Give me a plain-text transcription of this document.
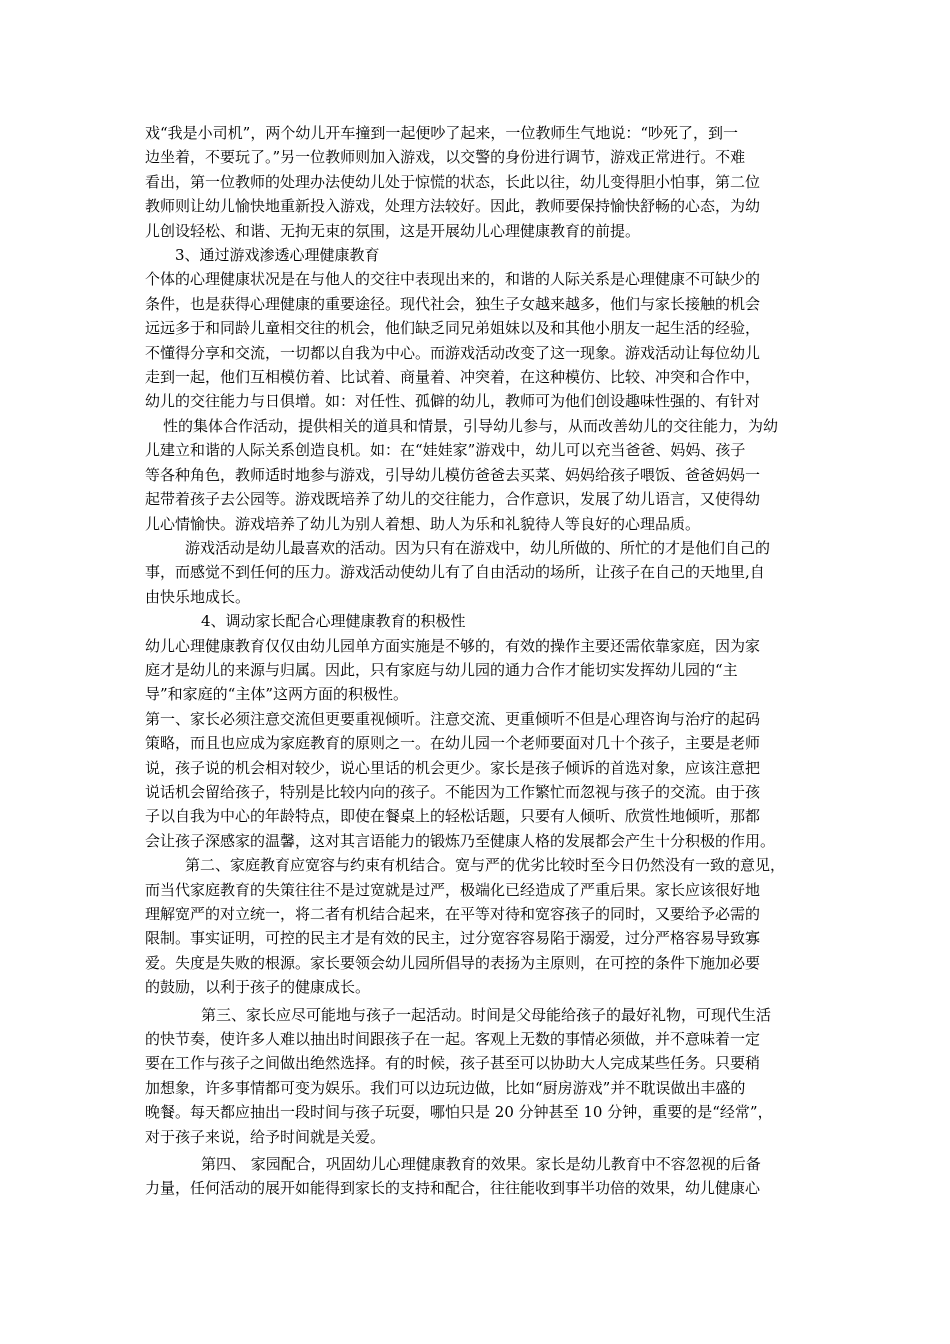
戏“我是小司机”，两个幼儿开车撞到一起便吵了起来，一位教师生气地说：“吵死了，到一
边坐着，不要玩了。”另一位教师则加入游戏，以交警的身份进行调节，游戏正常进行。不难
看出，第一位教师的处理办法使幼儿处于惊慌的状态，长此以往，幼儿变得胆小怕事，第二位
教师则让幼儿愉快地重新投入游戏，处理方法较好。因此，教师要保持愉快舒畅的心态，为幼
儿创设轻松、和谐、无拘无束的氛围，这是开展幼儿心理健康教育的前提。

3、通过游戏渗透心理健康教育

个体的心理健康状况是在与他人的交往中表现出来的，和谐的人际关系是心理健康不可缺少的
条件，也是获得心理健康的重要途径。现代社会，独生子女越来越多，他们与家长接触的机会
远远多于和同龄儿童相交往的机会，他们缺乏同兄弟姐妹以及和其他小朋友一起生活的经验，
不懂得分享和交流，一切都以自我为中心。而游戏活动改变了这一现象。游戏活动让每位幼儿
走到一起，他们互相模仿着、比试着、商量着、冲突着，在这种模仿、比较、冲突和合作中，
幼儿的交往能力与日俱增。如：对任性、孤僻的幼儿，教师可为他们创设趣味性强的、有针对
性的集体合作活动，提供相关的道具和情景，引导幼儿参与，从而改善幼儿的交往能力，为幼
儿建立和谐的人际关系创造良机。如：在“娃娃家”游戏中，幼儿可以充当爸爸、妈妈、孩子
等各种角色，教师适时地参与游戏，引导幼儿模仿爸爸去买菜、妈妈给孩子喂饭、爸爸妈妈一
起带着孩子去公园等。游戏既培养了幼儿的交往能力，合作意识，发展了幼儿语言，又使得幼
儿心情愉快。游戏培养了幼儿为别人着想、助人为乐和礼貌待人等良好的心理品质。

游戏活动是幼儿最喜欢的活动。因为只有在游戏中，幼儿所做的、所忙的才是他们自己的
事，而感觉不到任何的压力。游戏活动使幼儿有了自由活动的场所，让孩子在自己的天地里,自
由快乐地成长。

4、调动家长配合心理健康教育的积极性

幼儿心理健康教育仅仅由幼儿园单方面实施是不够的，有效的操作主要还需依靠家庭，因为家
庭才是幼儿的来源与归属。因此，只有家庭与幼儿园的通力合作才能切实发挥幼儿园的“主
导”和家庭的“主体”这两方面的积极性。

第一、家长必须注意交流但更要重视倾听。注意交流、更重倾听不但是心理咨询与治疗的起码
策略，而且也应成为家庭教育的原则之一。在幼儿园一个老师要面对几十个孩子，主要是老师
说，孩子说的机会相对较少，说心里话的机会更少。家长是孩子倾诉的首选对象，应该注意把
说话机会留给孩子，特别是比较内向的孩子。不能因为工作繁忙而忽视与孩子的交流。由于孩
子以自我为中心的年龄特点，即使在餐桌上的轻松话题，只要有人倾听、欣赏性地倾听，那都
会让孩子深感家的温馨，这对其言语能力的锻炼乃至健康人格的发展都会产生十分积极的作用。

第二、家庭教育应宽容与约束有机结合。宽与严的优劣比较时至今日仍然没有一致的意见，
而当代家庭教育的失策往往不是过宽就是过严，极端化已经造成了严重后果。家长应该很好地
理解宽严的对立统一，将二者有机结合起来，在平等对待和宽容孩子的同时，又要给予必需的
限制。事实证明，可控的民主才是有效的民主，过分宽容容易陷于溺爱，过分严格容易导致寡
爱。失度是失败的根源。家长要领会幼儿园所倡导的表扬为主原则，在可控的条件下施加必要
的鼓励，以利于孩子的健康成长。

第三、家长应尽可能地与孩子一起活动。时间是父母能给孩子的最好礼物，可现代生活
的快节奏，使许多人难以抽出时间跟孩子在一起。客观上无数的事情必须做，并不意味着一定
要在工作与孩子之间做出绝然选择。有的时候，孩子甚至可以协助大人完成某些任务。只要稍
加想象，许多事情都可变为娱乐。我们可以边玩边做，比如“厨房游戏”并不耽误做出丰盛的
晚餐。每天都应抽出一段时间与孩子玩耍，哪怕只是 20 分钟甚至 10 分钟，重要的是“经常”，
对于孩子来说，给予时间就是关爱。

第四、 家园配合，巩固幼儿心理健康教育的效果。家长是幼儿教育中不容忽视的后备
力量，任何活动的展开如能得到家长的支持和配合，往往能收到事半功倍的效果，幼儿健康心
